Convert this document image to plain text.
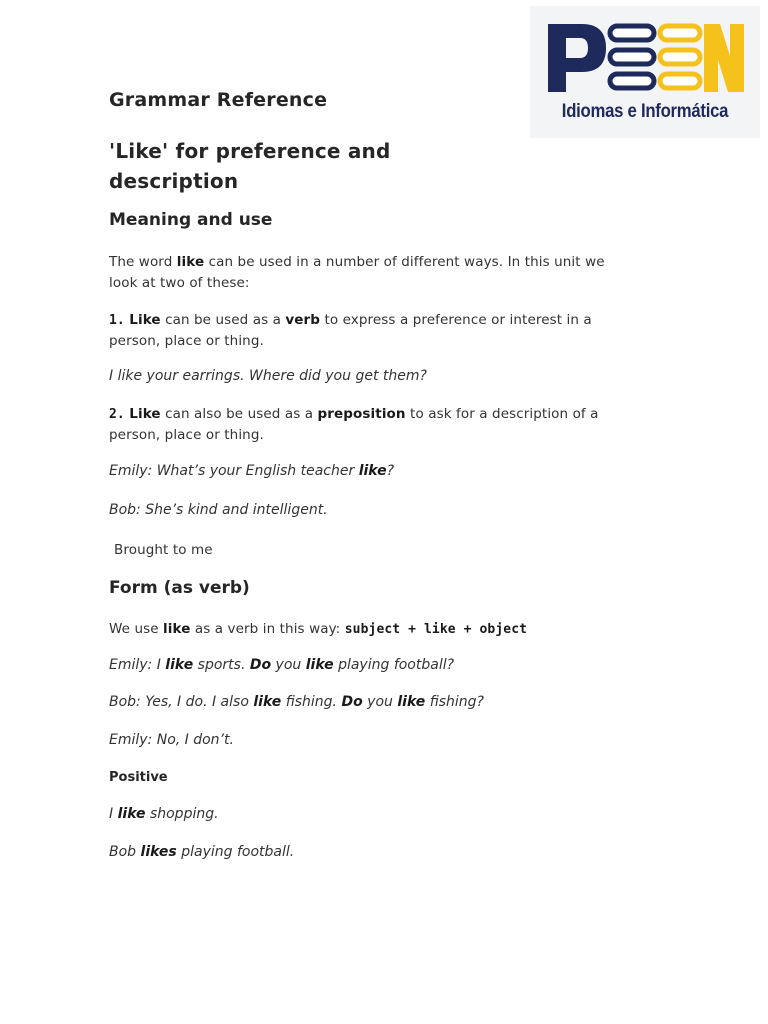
Idiomas e Informática
Grammar Reference
'Like' for preference and
description
Meaning and use

The word like can be used in a number of different ways. In this unit we
look at two of these:

1. Like can be used as a verb to express a preference or interest in a
person, place or thing.

I like your earrings. Where did you get them?

2. Like can also be used as a preposition to ask for a description of a
person, place or thing.

Emily: What’s your English teacher like?

Bob: She’s kind and intelligent.

Brought to me

Form (as verb)

We use like as a verb in this way: subject + like + object

Emily: I like sports. Do you like playing football?

Bob: Yes, I do. I also like fishing. Do you like fishing?

Emily: No, I don’t.

Positive

I like shopping.

Bob likes playing football.
